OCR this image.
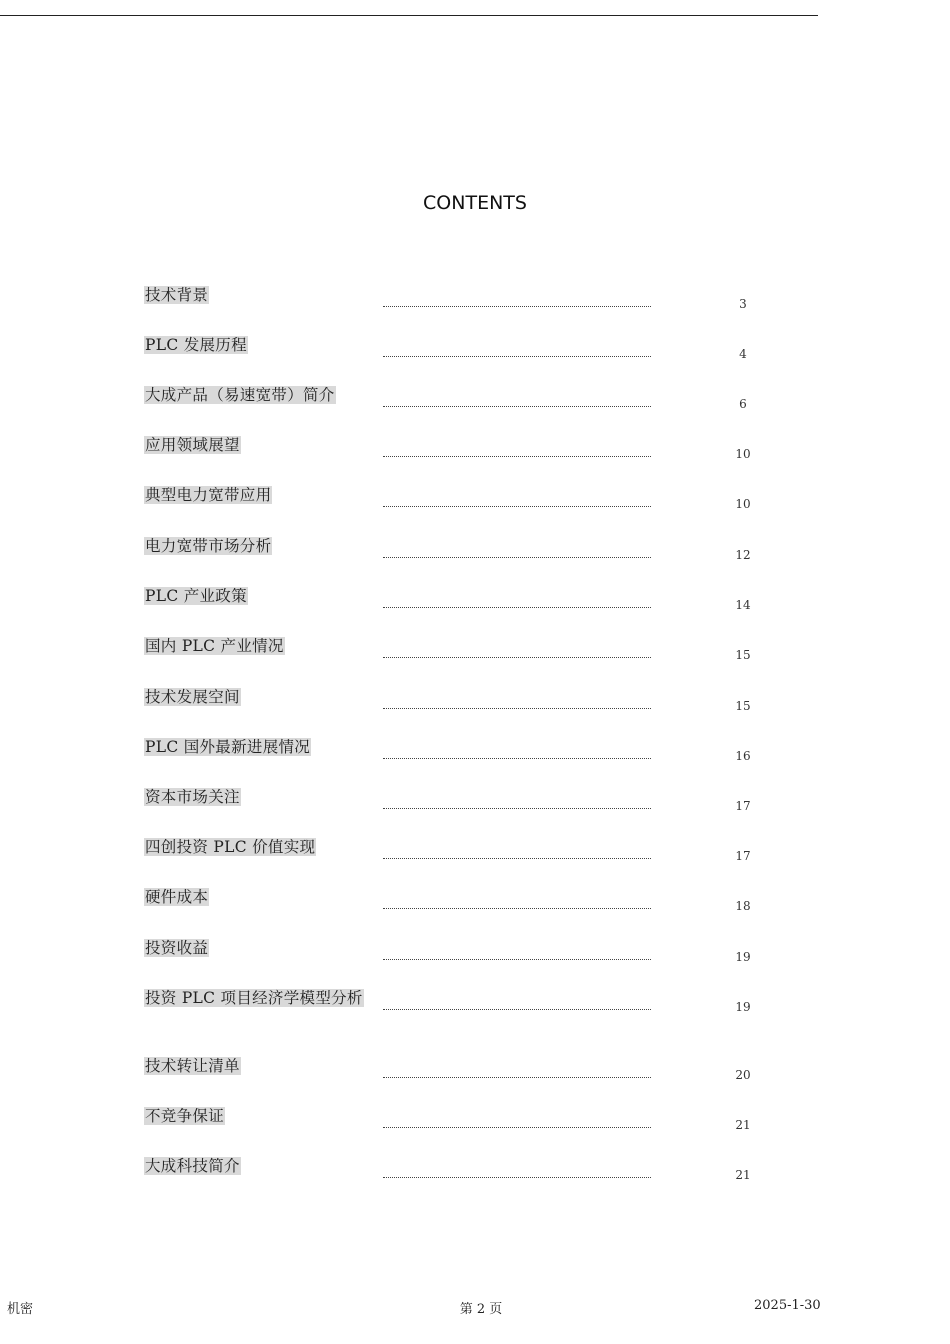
CONTENTS
技术背景	3
PLC 发展历程	4
大成产品（易速宽带）简介	6
应用领域展望	10
典型电力宽带应用	10
电力宽带市场分析	12
PLC 产业政策	14
国内 PLC 产业情况	15
技术发展空间	15
PLC 国外最新进展情况	16
资本市场关注	17
四创投资 PLC 价值实现	17
硬件成本	18
投资收益	19
投资 PLC 项目经济学模型分析	19
技术转让清单	20
不竞争保证	21
大成科技简介	21
机密	第 2 页	2025-1-30
